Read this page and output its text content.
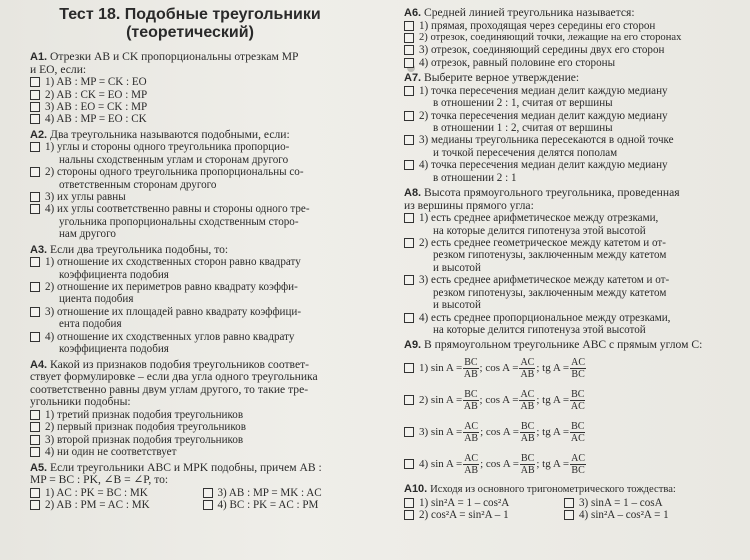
Тест 18. Подобные треугольники
(теоретический)
А1. Отрезки AB и CK пропорциональны отрезкам MP
и EO, если:
1) AB : MP = CK : EO
2) AB : CK = EO : MP
3) AB : EO = CK : MP
4) AB : MP = EO : CK
А2. Два треугольника называются подобными, если:
1) углы и стороны одного треугольника пропорцио-
нальны сходственным углам и сторонам другого
2) стороны одного треугольника пропорциональны со-
ответственным сторонам другого
3) их углы равны
4) их углы соответственно равны и стороны одного тре-
угольника пропорциональны сходственным сторо-
нам другого
А3. Если два треугольника подобны, то:
1) отношение их сходственных сторон равно квадрату
коэффициента подобия
2) отношение их периметров равно квадрату коэффи-
циента подобия
3) отношение их площадей равно квадрату коэффици-
ента подобия
4) отношение их сходственных углов равно квадрату
коэффициента подобия
А4. Какой из признаков подобия треугольников соответ-
ствует формулировке – если два угла одного треугольника
соответственно равны двум углам другого, то такие тре-
угольники подобны:
1) третий признак подобия треугольников
2) первый признак подобия треугольников
3) второй признак подобия треугольников
4) ни один не соответствует
А5. Если треугольники ABC и MPK подобны, причем AB :
MP = BC : PK, ∠B = ∠P, то:
1) AC : PK = BC : MK	3) AB : MP = MK : AC
2) AB : PM = AC : MK	4) BC : PK = AC : PM
А6. Средней линией треугольника называется:
1) прямая, проходящая через середины его сторон
2) отрезок, соединяющий точки, лежащие на его сторонах
3) отрезок, соединяющий середины двух его сторон
4) отрезок, равный половине его стороны
А7. Выберите верное утверждение:
1) точка пересечения медиан делит каждую медиану
в отношении 2 : 1, считая от вершины
2) точка пересечения медиан делит каждую медиану
в отношении 1 : 2, считая от вершины
3) медианы треугольника пересекаются в одной точке
и точкой пересечения делятся пополам
4) точка пересечения медиан делит каждую медиану
в отношении 2 : 1
А8. Высота прямоугольного треугольника, проведенная
из вершины прямого угла:
1) есть среднее арифметическое между отрезками,
на которые делится гипотенуза этой высотой
2) есть среднее геометрическое между катетом и от-
резком гипотенузы, заключенным между катетом
и высотой
3) есть среднее арифметическое между катетом и от-
резком гипотенузы, заключенным между катетом
и высотой
4) есть среднее пропорциональное между отрезками,
на которые делится гипотенуза этой высотой
А9. В прямоугольном треугольнике ABC с прямым углом C:
1) $\sin A = \frac{BC}{AB}$ ; $\cos A = \frac{AC}{AB}$ ; tg $A = \frac{AC}{BC}$
2) $\sin A = \frac{BC}{AB}$ ; $\cos A = \frac{AC}{AB}$ ; tg $A = \frac{BC}{AC}$
3) $\sin A = \frac{AC}{AB}$ ; $\cos A = \frac{BC}{AB}$ ; tg $A = \frac{BC}{AC}$
4) $\sin A = \frac{AC}{AB}$ ; $\cos A = \frac{BC}{AB}$ ; tg $A = \frac{AC}{BC}$
А10. Исходя из основного тригонометрического тождества:
1) sin²A = 1 – cos²A	3) sinA = 1 – cosA
2) cos²A = sin²A – 1	4) sin²A – cos²A = 1
